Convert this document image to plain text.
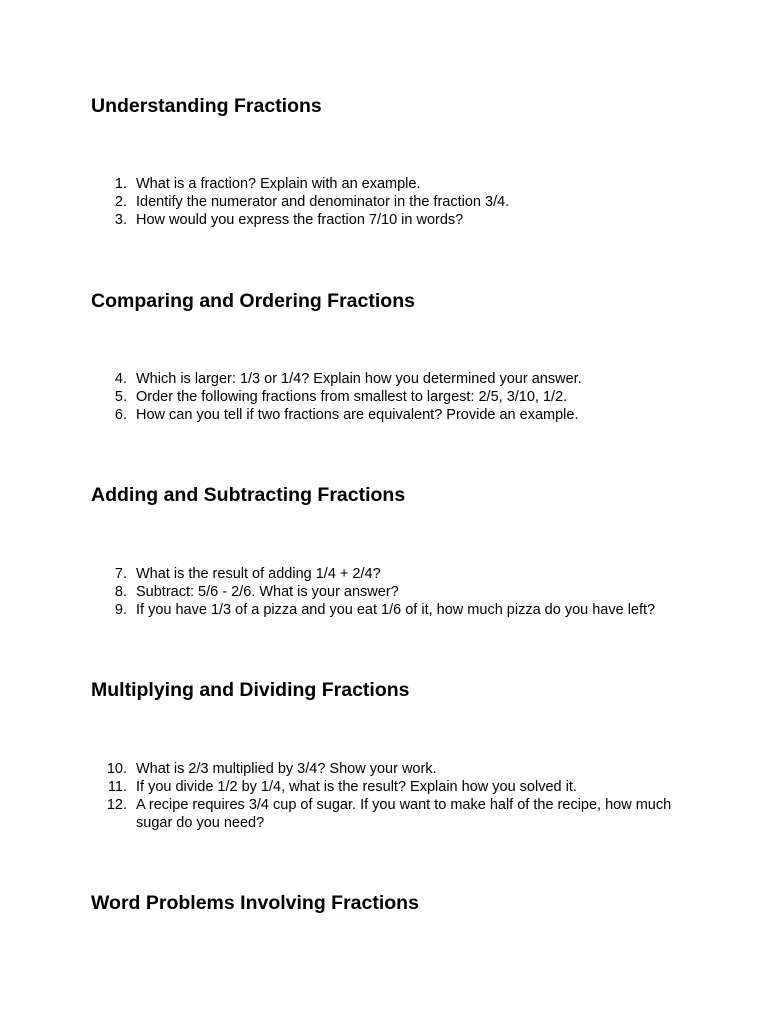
Understanding Fractions
1. What is a fraction? Explain with an example.
2. Identify the numerator and denominator in the fraction 3/4.
3. How would you express the fraction 7/10 in words?
Comparing and Ordering Fractions
4. Which is larger: 1/3 or 1/4? Explain how you determined your answer.
5. Order the following fractions from smallest to largest: 2/5, 3/10, 1/2.
6. How can you tell if two fractions are equivalent? Provide an example.
Adding and Subtracting Fractions
7. What is the result of adding 1/4 + 2/4?
8. Subtract: 5/6 - 2/6. What is your answer?
9. If you have 1/3 of a pizza and you eat 1/6 of it, how much pizza do you have left?
Multiplying and Dividing Fractions
10. What is 2/3 multiplied by 3/4? Show your work.
11. If you divide 1/2 by 1/4, what is the result? Explain how you solved it.
12. A recipe requires 3/4 cup of sugar. If you want to make half of the recipe, how much sugar do you need?
Word Problems Involving Fractions
